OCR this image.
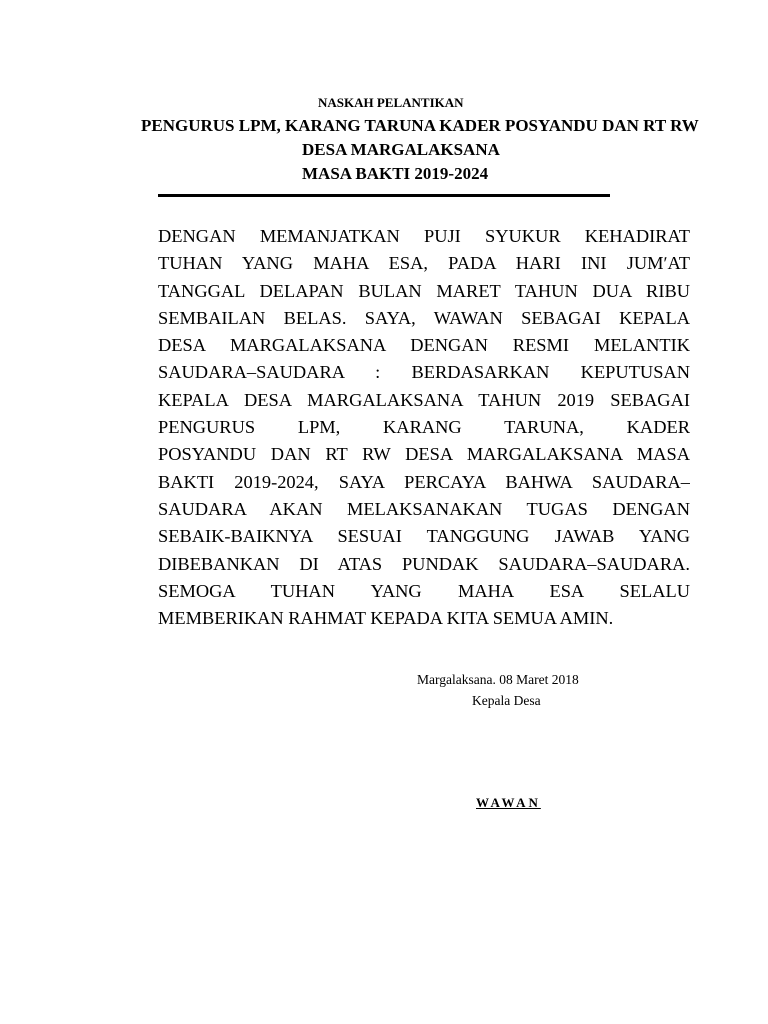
NASKAH PELANTIKAN
PENGURUS LPM, KARANG TARUNA KADER POSYANDU DAN RT RW
DESA MARGALAKSANA
MASA BAKTI 2019-2024
DENGAN MEMANJATKAN PUJI SYUKUR KEHADIRAT
TUHAN YANG MAHA ESA, PADA HARI INI JUMʹAT
TANGGAL DELAPAN BULAN MARET TAHUN DUA RIBU
SEMBAILAN BELAS. SAYA, WAWAN SEBAGAI KEPALA
DESA MARGALAKSANA DENGAN RESMI MELANTIK
SAUDARA–SAUDARA : BERDASARKAN KEPUTUSAN
KEPALA DESA MARGALAKSANA TAHUN 2019 SEBAGAI
PENGURUS LPM, KARANG TARUNA, KADER
POSYANDU DAN RT RW DESA MARGALAKSANA MASA
BAKTI 2019-2024, SAYA PERCAYA BAHWA SAUDARA–
SAUDARA AKAN MELAKSANAKAN TUGAS DENGAN
SEBAIK-BAIKNYA SESUAI TANGGUNG JAWAB YANG
DIBEBANKAN DI ATAS PUNDAK SAUDARA–SAUDARA.
SEMOGA TUHAN YANG MAHA ESA SELALU
MEMBERIKAN RAHMAT KEPADA KITA SEMUA AMIN.
Margalaksana. 08 Maret 2018
Kepala Desa
WAWAN
